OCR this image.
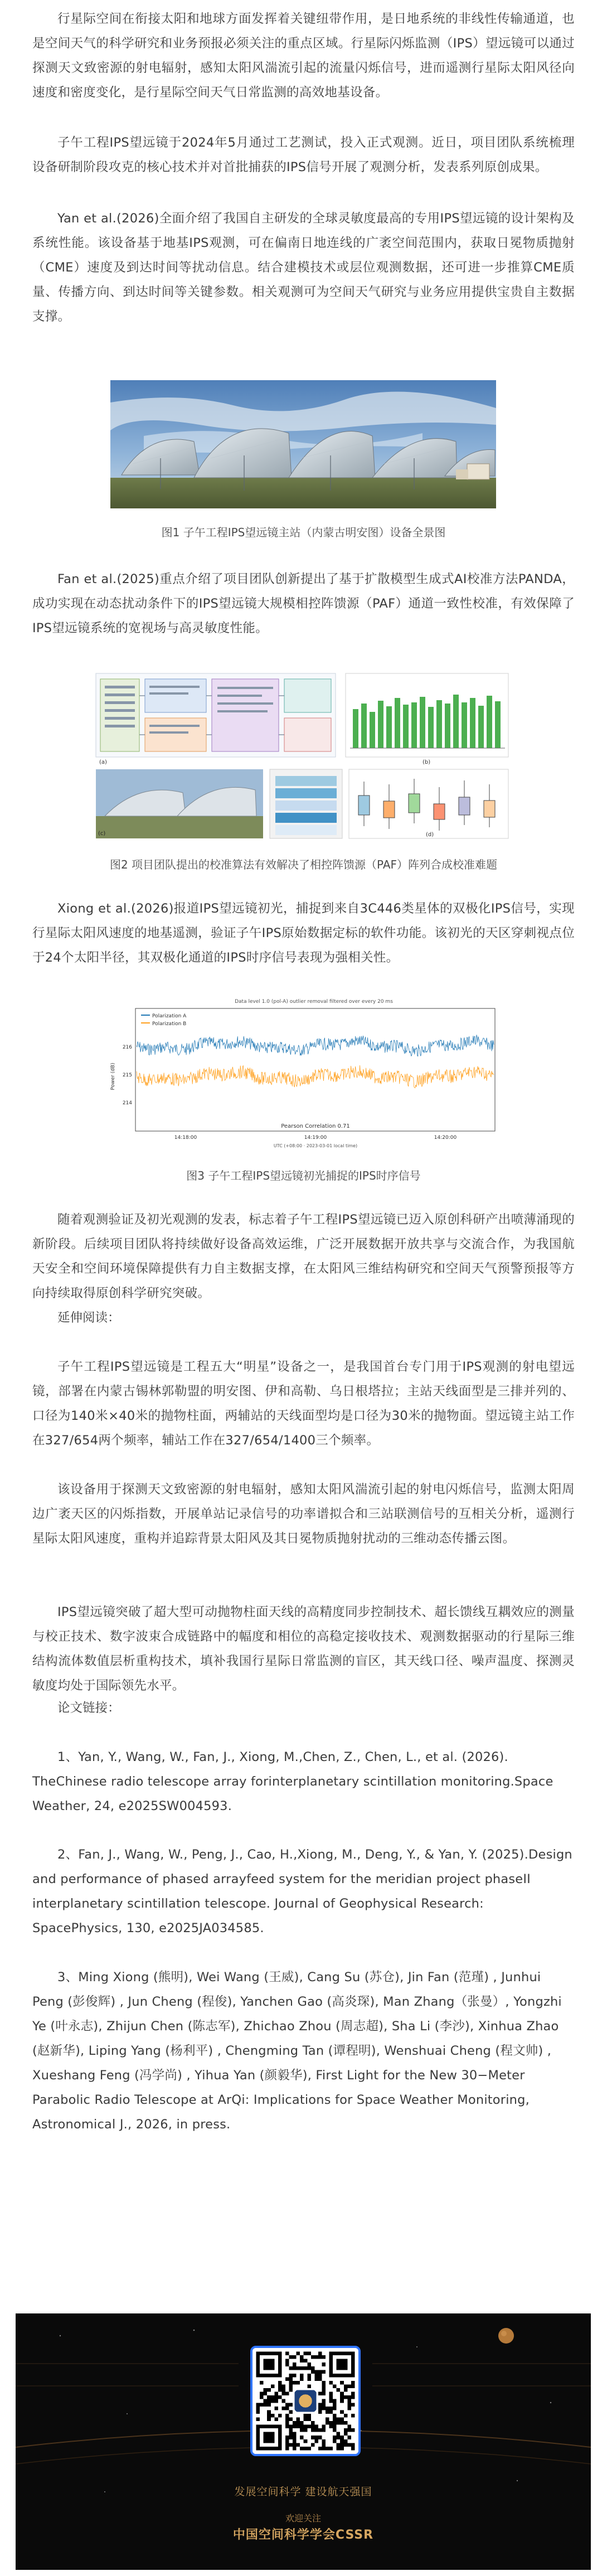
行星际空间在衔接太阳和地球方面发挥着关键纽带作用，是日地系统的非线性传输通道，也是空间天气的科学研究和业务预报必须关注的重点区域。行星际闪烁监测（IPS）望远镜可以通过探测天文致密源的射电辐射，感知太阳风湍流引起的流量闪烁信号，进而遥测行星际太阳风径向速度和密度变化，是行星际空间天气日常监测的高效地基设备。

子午工程IPS望远镜于2024年5月通过工艺测试，投入正式观测。近日，项目团队系统梳理设备研制阶段攻克的核心技术并对首批捕获的IPS信号开展了观测分析，发表系列原创成果。

Yan et al.(2026)全面介绍了我国自主研发的全球灵敏度最高的专用IPS望远镜的设计架构及系统性能。该设备基于地基IPS观测，可在偏南日地连线的广袤空间范围内，获取日冕物质抛射（CME）速度及到达时间等扰动信息。结合建模技术或层位观测数据，还可进一步推算CME质量、传播方向、到达时间等关键参数。相关观测可为空间天气研究与业务应用提供宝贵自主数据支撑。

图1 子午工程IPS望远镜主站（内蒙古明安图）设备全景图

Fan et al.(2025)重点介绍了项目团队创新提出了基于扩散模型生成式AI校准方法PANDA，成功实现在动态扰动条件下的IPS望远镜大规模相控阵馈源（PAF）通道一致性校准，有效保障了IPS望远镜系统的宽视场与高灵敏度性能。

(a)	(b)
(c)	(d)

图2 项目团队提出的校准算法有效解决了相控阵馈源（PAF）阵列合成校准难题

Xiong et al.(2026)报道IPS望远镜初光，捕捉到来自3C446类星体的双极化IPS信号，实现行星际太阳风速度的地基遥测，验证子午IPS原始数据定标的软件功能。该初光的天区穿刺视点位于24个太阳半径，其双极化通道的IPS时序信号表现为强相关性。

Data level 1.0 (pol-A) outlier removal filtered over every 20 ms
Polarization A
Polarization B
Power (dB)
216
215
214
14:18:00	14:19:00	14:20:00
Pearson Correlation 0.71
UTC (+08:00 · 2023-03-01 local time)

图3 子午工程IPS望远镜初光捕捉的IPS时序信号

随着观测验证及初光观测的发表，标志着子午工程IPS望远镜已迈入原创科研产出喷薄涌现的新阶段。后续项目团队将持续做好设备高效运维，广泛开展数据开放共享与交流合作，为我国航天安全和空间环境保障提供有力自主数据支撑，在太阳风三维结构研究和空间天气预警预报等方向持续取得原创科学研究突破。

延伸阅读：

子午工程IPS望远镜是工程五大“明星”设备之一，是我国首台专门用于IPS观测的射电望远镜，部署在内蒙古锡林郭勒盟的明安图、伊和高勒、乌日根塔拉；主站天线面型是三排并列的、口径为140米×40米的抛物柱面，两辅站的天线面型均是口径为30米的抛物面。望远镜主站工作在327/654两个频率，辅站工作在327/654/1400三个频率。

该设备用于探测天文致密源的射电辐射，感知太阳风湍流引起的射电闪烁信号，监测太阳周边广袤天区的闪烁指数，开展单站记录信号的功率谱拟合和三站联测信号的互相关分析，遥测行星际太阳风速度，重构并追踪背景太阳风及其日冕物质抛射扰动的三维动态传播云图。

IPS望远镜突破了超大型可动抛物柱面天线的高精度同步控制技术、超长馈线互耦效应的测量与校正技术、数字波束合成链路中的幅度和相位的高稳定接收技术、观测数据驱动的行星际三维结构流体数值层析重构技术，填补我国行星际日常监测的盲区，其天线口径、噪声温度、探测灵敏度均处于国际领先水平。

论文链接：

1、Yan, Y., Wang, W., Fan, J., Xiong, M.,Chen, Z., Chen, L., et al. (2026). TheChinese radio telescope array forinterplanetary scintillation monitoring.Space Weather, 24, e2025SW004593.

2、Fan, J., Wang, W., Peng, J., Cao, H.,Xiong, M., Deng, Y., & Yan, Y. (2025).Design and performance of phased arrayfeed system for the meridian project phaseII interplanetary scintillation telescope. Journal of Geophysical Research: SpacePhysics, 130, e2025JA034585.

3、Ming Xiong (熊明), Wei Wang (王威), Cang Su (苏仓), Jin Fan (范瑾) , Junhui Peng (彭俊辉) , Jun Cheng (程俊), Yanchen Gao (高炎琛), Man Zhang（张曼）, Yongzhi Ye (叶永志), Zhijun Chen (陈志军), Zhichao Zhou (周志超), Sha Li (李沙), Xinhua Zhao (赵新华), Liping Yang (杨利平) , Chengming Tan (谭程明), Wenshuai Cheng (程文帅) , Xueshang Feng (冯学尚) , Yihua Yan (颜毅华), First Light for the New 30−Meter Parabolic Radio Telescope at ArQi: Implications for Space Weather Monitoring, Astronomical J., 2026, in press.

发展空间科学 建设航天强国
欢迎关注
中国空间科学学会CSSR
